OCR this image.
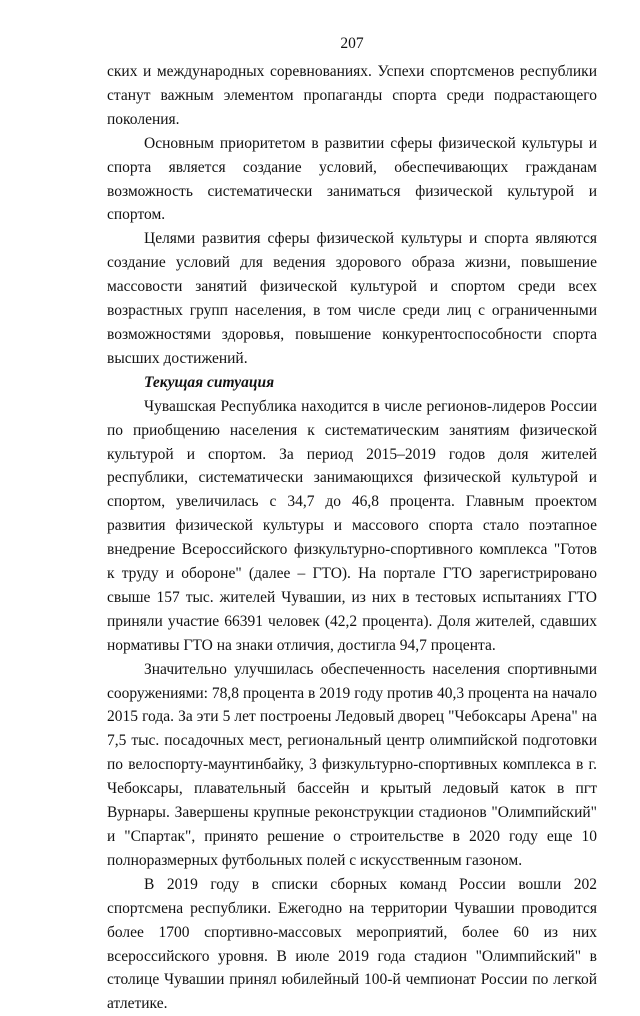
207

ских и международных соревнованиях. Успехи спортсменов республики станут важным элементом пропаганды спорта среди подрастающего поколения.

Основным приоритетом в развитии сферы физической культуры и спорта является создание условий, обеспечивающих гражданам возможность систематически заниматься физической культурой и спортом.

Целями развития сферы физической культуры и спорта являются создание условий для ведения здорового образа жизни, повышение массовости занятий физической культурой и спортом среди всех возрастных групп населения, в том числе среди лиц с ограниченными возможностями здоровья, повышение конкурентоспособности спорта высших достижений.

Текущая ситуация

Чувашская Республика находится в числе регионов-лидеров России по приобщению населения к систематическим занятиям физической культурой и спортом. За период 2015–2019 годов доля жителей республики, систематически занимающихся физической культурой и спортом, увеличилась с 34,7 до 46,8 процента. Главным проектом развития физической культуры и массового спорта стало поэтапное внедрение Всероссийского физкультурно-спортивного комплекса "Готов к труду и обороне" (далее – ГТО). На портале ГТО зарегистрировано свыше 157 тыс. жителей Чувашии, из них в тестовых испытаниях ГТО приняли участие 66391 человек (42,2 процента). Доля жителей, сдавших нормативы ГТО на знаки отличия, достигла 94,7 процента.

Значительно улучшилась обеспеченность населения спортивными сооружениями: 78,8 процента в 2019 году против 40,3 процента на начало 2015 года. За эти 5 лет построены Ледовый дворец "Чебоксары Арена" на 7,5 тыс. посадочных мест, региональный центр олимпийской подготовки по велоспорту-маунтинбайку, 3 физкультурно-спортивных комплекса в г. Чебоксары, плавательный бассейн и крытый ледовый каток в пгт Вурнары. Завершены крупные реконструкции стадионов "Олимпийский" и "Спартак", принято решение о строительстве в 2020 году еще 10 полноразмерных футбольных полей с искусственным газоном.

В 2019 году в списки сборных команд России вошли 202 спортсмена республики. Ежегодно на территории Чувашии проводится более 1700 спортивно-массовых мероприятий, более 60 из них всероссийского уровня. В июле 2019 года стадион "Олимпийский" в столице Чувашии принял юбилейный 100-й чемпионат России по легкой атлетике.
